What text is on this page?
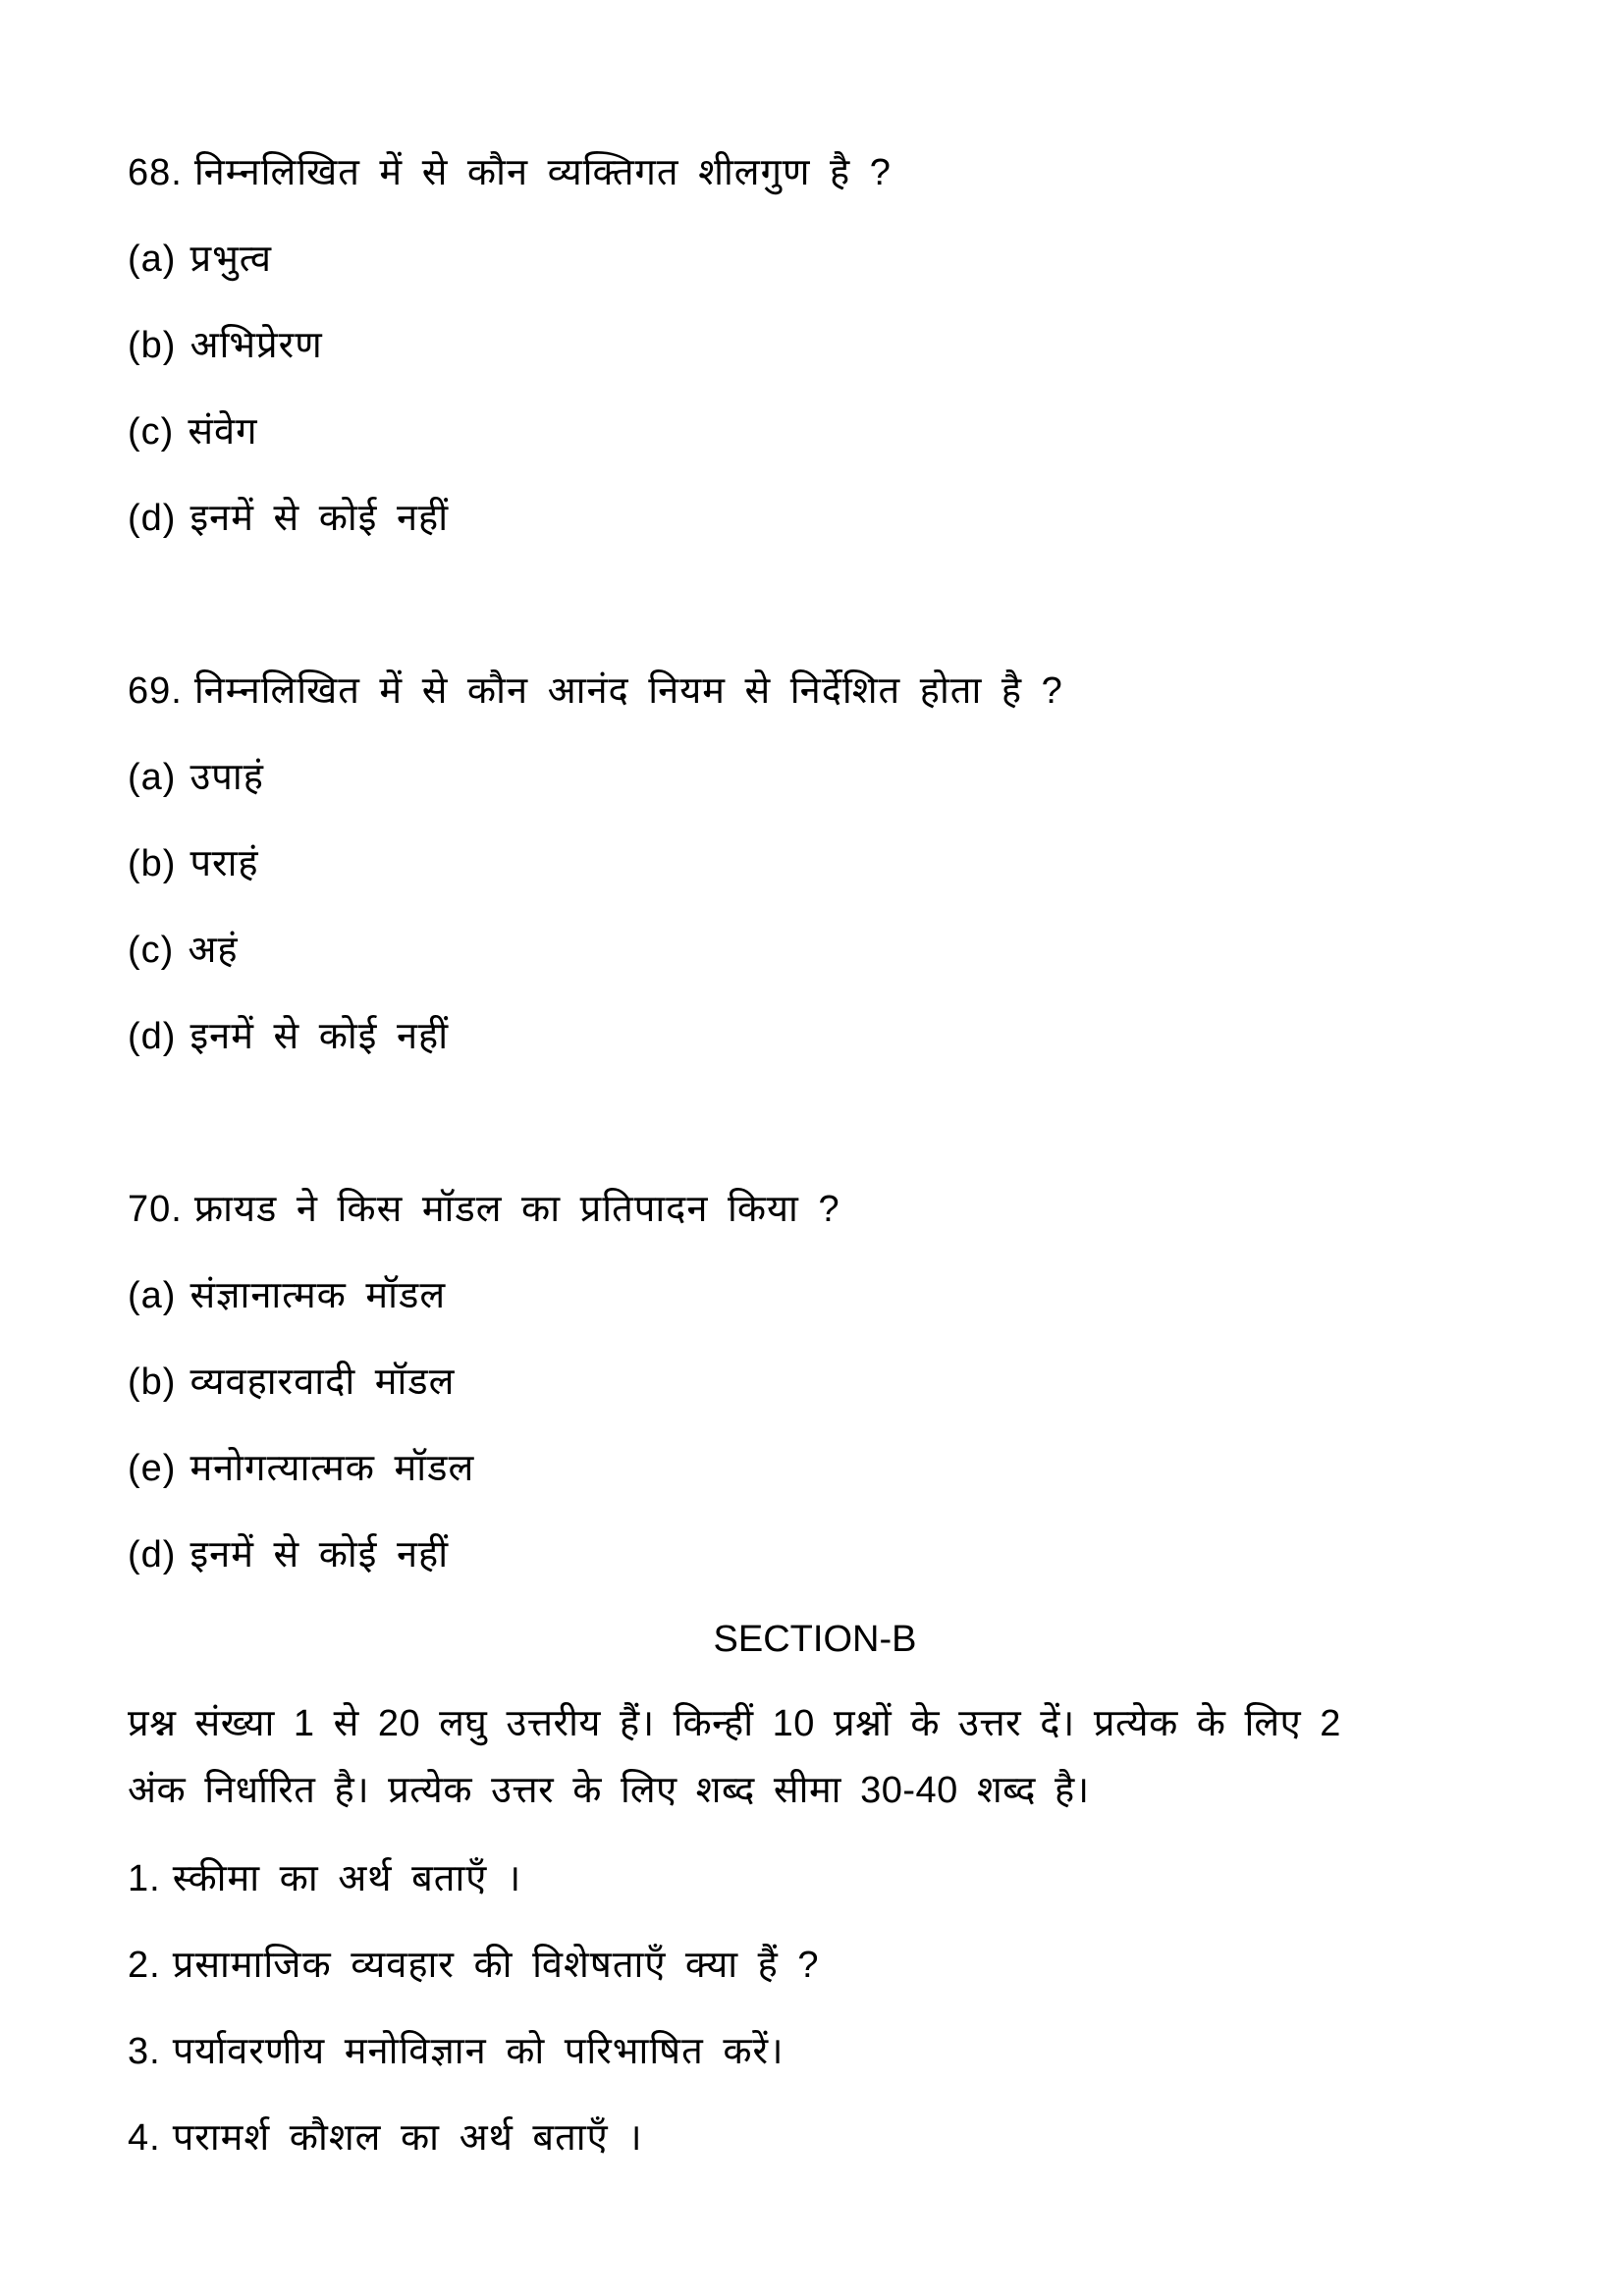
68. निम्नलिखित में से कौन व्यक्तिगत शीलगुण है ?
(a) प्रभुत्व
(b) अभिप्रेरण
(c) संवेग
(d) इनमें से कोई नहीं
69. निम्नलिखित में से कौन आनंद नियम से निर्देशित होता है ?
(a) उपाहं
(b) पराहं
(c) अहं
(d) इनमें से कोई नहीं
70. फ्रायड ने किस मॉडल का प्रतिपादन किया ?
(a) संज्ञानात्मक मॉडल
(b) व्यवहारवादी मॉडल
(e) मनोगत्यात्मक मॉडल
(d) इनमें से कोई नहीं
SECTION-B
प्रश्न संख्या 1 से 20 लघु उत्तरीय हैं। किन्हीं 10 प्रश्नों के उत्तर दें। प्रत्येक के लिए 2
अंक निर्धारित है। प्रत्येक उत्तर के लिए शब्द सीमा 30-40 शब्द है।
1. स्कीमा का अर्थ बताएँ ।
2. प्रसामाजिक व्यवहार की विशेषताएँ क्या हैं ?
3. पर्यावरणीय मनोविज्ञान को परिभाषित करें।
4. परामर्श कौशल का अर्थ बताएँ ।
